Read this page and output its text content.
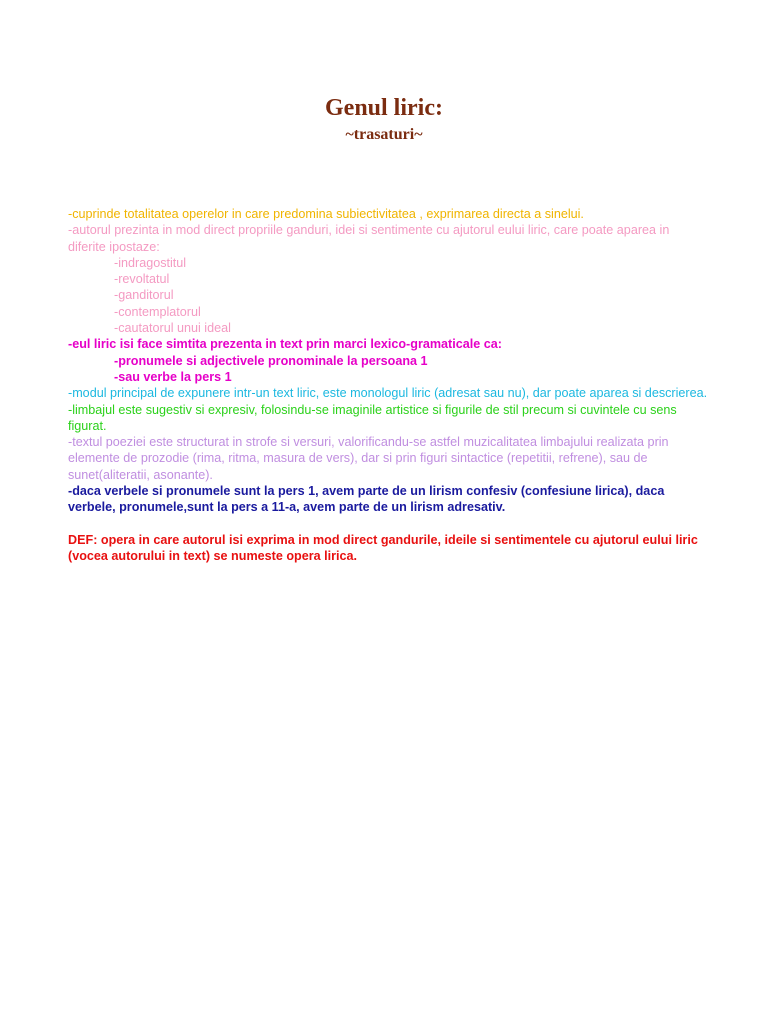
Genul liric:
~trasaturi~

-cuprinde totalitatea operelor in care predomina subiectivitatea , exprimarea directa a sinelui.

-autorul prezinta in mod direct propriile ganduri, idei si sentimente cu ajutorul eului liric, care poate aparea in diferite ipostaze:

-indragostitul

-revoltatul

-ganditorul

-contemplatorul

-cautatorul unui ideal

-eul liric isi face simtita prezenta in text prin marci lexico-gramaticale ca:

-pronumele si adjectivele pronominale la persoana 1

-sau verbe la pers 1

-modul principal de expunere intr-un text liric, este monologul liric (adresat sau nu), dar poate aparea si descrierea.

-limbajul este sugestiv si expresiv, folosindu-se imaginile artistice si figurile de stil precum si cuvintele cu sens figurat.

-textul poeziei este structurat in strofe si versuri, valorificandu-se astfel muzicalitatea limbajului realizata prin elemente de prozodie (rima, ritma, masura de vers), dar si prin figuri sintactice (repetitii, refrene), sau de sunet(aliteratii, asonante).

-daca verbele si pronumele sunt la pers 1, avem parte de un lirism confesiv (confesiune lirica), daca verbele, pronumele,sunt la pers a 11-a, avem parte de un lirism adresativ.

DEF: opera in care autorul isi exprima in mod direct gandurile, ideile si sentimentele cu ajutorul eului liric (vocea autorului in text) se numeste opera lirica.
